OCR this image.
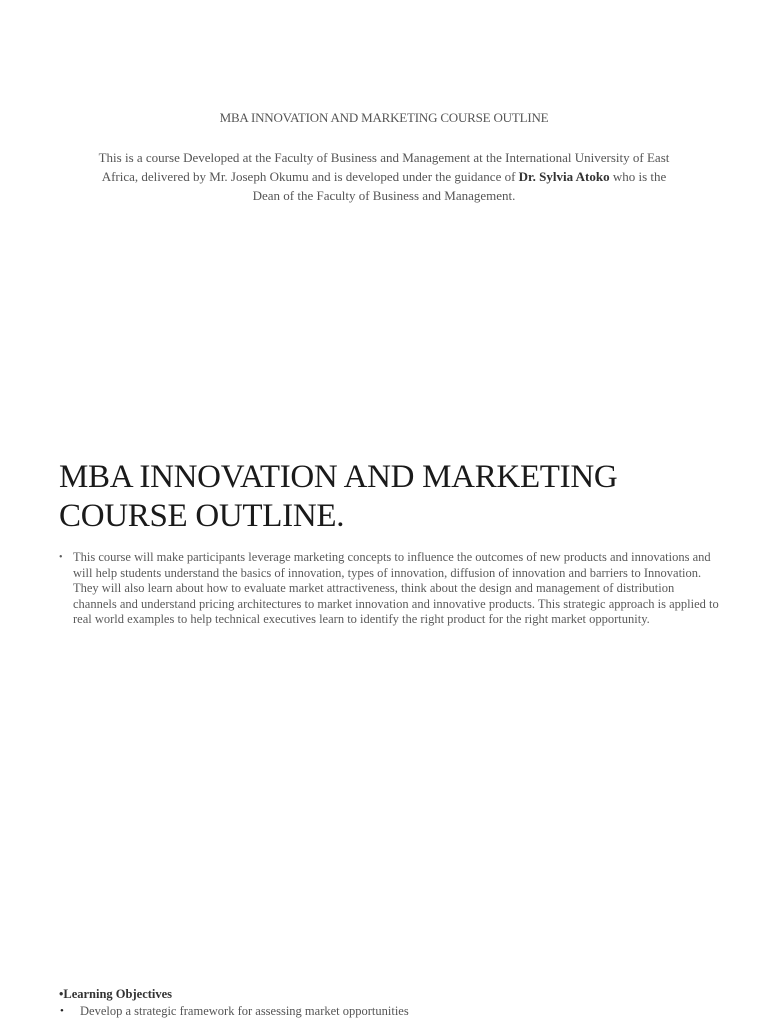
MBA INNOVATION AND MARKETING COURSE OUTLINE
This is a course Developed at the Faculty of Business and Management at the International University of East Africa, delivered by Mr. Joseph Okumu and is developed under the guidance of Dr. Sylvia Atoko who is the Dean of the Faculty of Business and Management.
MBA INNOVATION AND MARKETING COURSE OUTLINE.
• This course will make participants leverage marketing concepts to influence the outcomes of new products and innovations and will help students understand the basics of innovation, types of innovation, diffusion of innovation and barriers to Innovation. They will also learn about how to evaluate market attractiveness, think about the design and management of distribution channels and understand pricing architectures to market innovation and innovative products. This strategic approach is applied to real world examples to help technical executives learn to identify the right product for the right market opportunity.
•Learning Objectives
• Develop a strategic framework for assessing market opportunities
